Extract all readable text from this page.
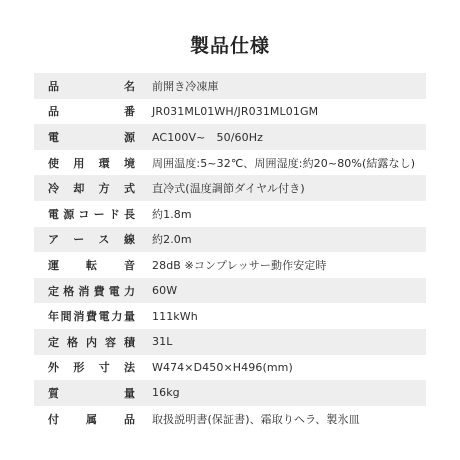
製品仕様
品名	前開き冷凍庫
品番	JR031ML01WH/JR031ML01GM
電源	AC100V~　50/60Hz
使用環境	周囲温度:5~32℃、周囲湿度:約20~80%(結露なし)
冷却方式	直冷式(温度調節ダイヤル付き)
電源コード長	約1.8m
アース線	約2.0m
運転音	28dB ※コンプレッサー動作安定時
定格消費電力	60W
年間消費電力量	111kWh
定格内容積	31L
外形寸法	W474×D450×H496(mm)
質量	16kg
付属品	取扱説明書(保証書)、霜取りヘラ、製氷皿
